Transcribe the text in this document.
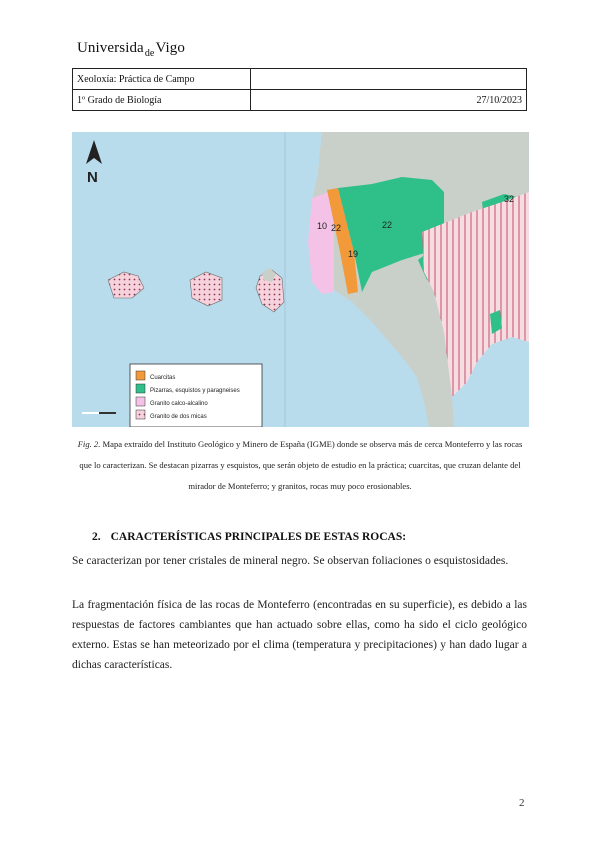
Universida$_{de}$Vigo
Xeoloxía: Práctica de Campo	
1º Grado de Biología	27/10/2023
N
10 22
19
22
32
Cuarcitas
Pizarras, esquistos y paragneises
Granito calco-alcalino
Granito de dos micas
Fig. 2. Mapa extraído del Instituto Geológico y Minero de España (IGME) donde se observa más de cerca Monteferro y las rocas que lo caracterizan. Se destacan pizarras y esquistos, que serán objeto de estudio en la práctica; cuarcitas, que cruzan delante del mirador de Monteferro; y granitos, rocas muy poco erosionables.
2. CARACTERÍSTICAS PRINCIPALES DE ESTAS ROCAS:

Se caracterizan por tener cristales de mineral negro. Se observan foliaciones o esquistosidades.

La fragmentación física de las rocas de Monteferro (encontradas en su superficie), es debido a las respuestas de factores cambiantes que han actuado sobre ellas, como ha sido el ciclo geológico externo. Estas se han meteorizado por el clima (temperatura y precipitaciones) y han dado lugar a dichas características.

2
